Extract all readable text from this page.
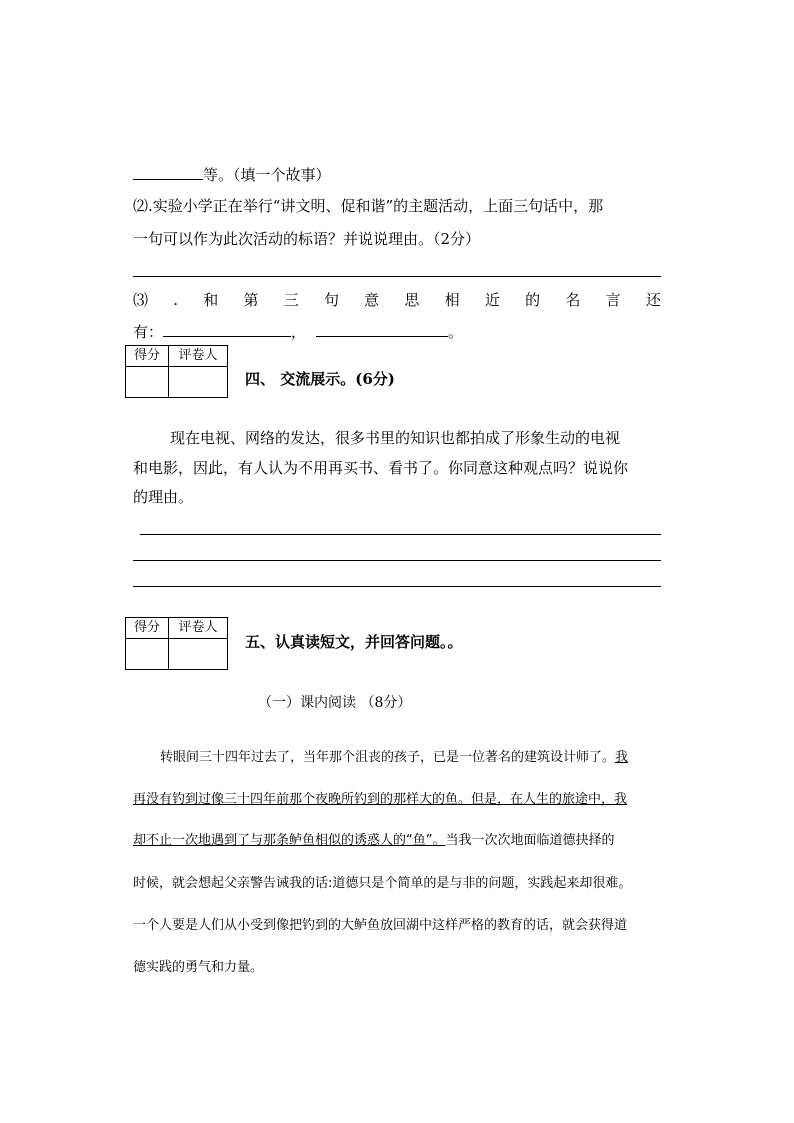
等。（填一个故事）
⑵.实验小学正在举行“讲文明、促和谐”的主题活动，上面三句话中，那
一句可以作为此次活动的标语？并说说理由。（2分）
⑶ . 和 第 三 句 意 思 相 近 的 名 言 还
有：	，	。
得分	评卷人

四、 交流展示。(6分)
现在电视、网络的发达，很多书里的知识也都拍成了形象生动的电视
和电影，因此，有人认为不用再买书、看书了。你同意这种观点吗？说说你
的理由。
得分	评卷人

五、认真读短文，并回答问题。。
（一）课内阅读 （8分）
转眼间三十四年过去了，当年那个沮丧的孩子，已是一位著名的建筑设计师了。我
再没有钓到过像三十四年前那个夜晚所钓到的那样大的鱼。但是，在人生的旅途中，我
却不止一次地遇到了与那条鲈鱼相似的诱惑人的“鱼”。当我一次次地面临道德抉择的
时候，就会想起父亲警告诫我的话:道德只是个简单的是与非的问题，实践起来却很难。
一个人要是人们从小受到像把钓到的大鲈鱼放回湖中这样严格的教育的话，就会获得道
德实践的勇气和力量。
